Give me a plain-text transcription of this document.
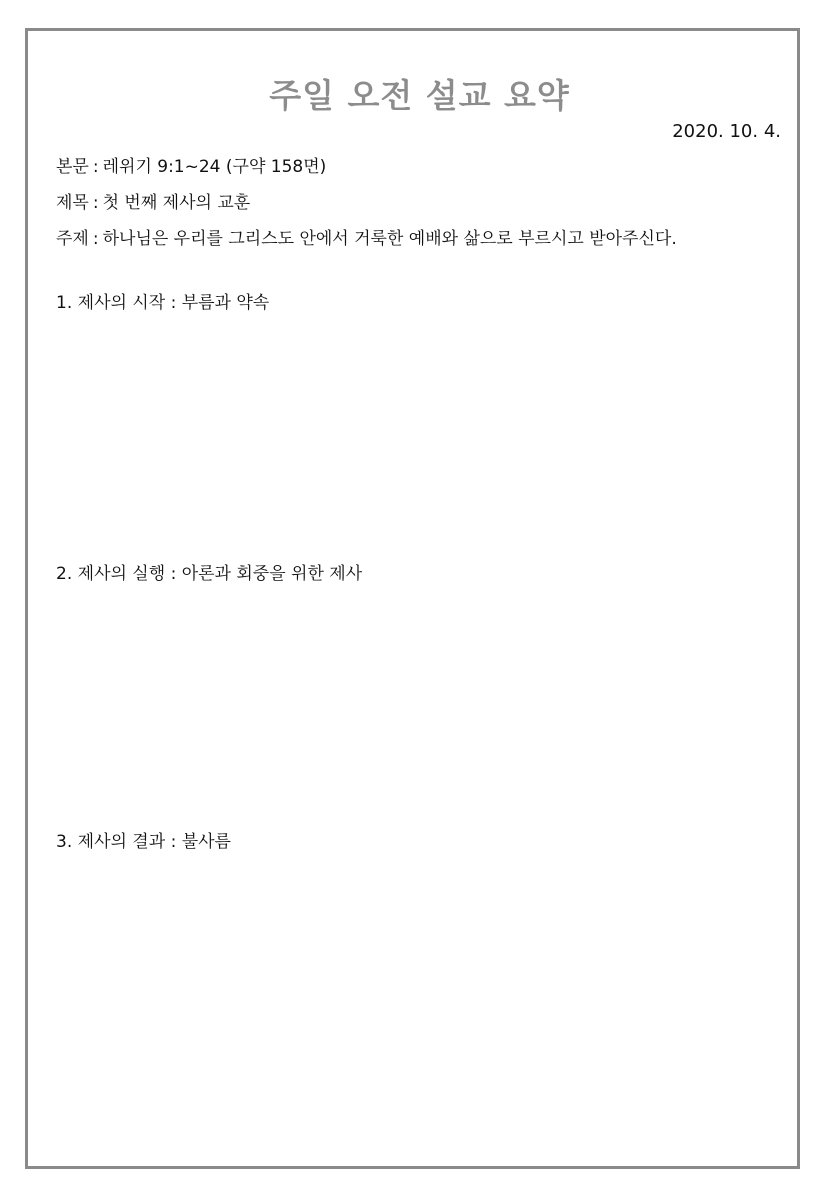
주일 오전 설교 요약
2020. 10. 4.
본문 : 레위기 9:1~24 (구약 158면)
제목 : 첫 번째 제사의 교훈
주제 : 하나님은 우리를 그리스도 안에서 거룩한 예배와 삶으로 부르시고 받아주신다.
1. 제사의 시작 : 부름과 약속
2. 제사의 실행 : 아론과 회중을 위한 제사
3. 제사의 결과 : 불사름
